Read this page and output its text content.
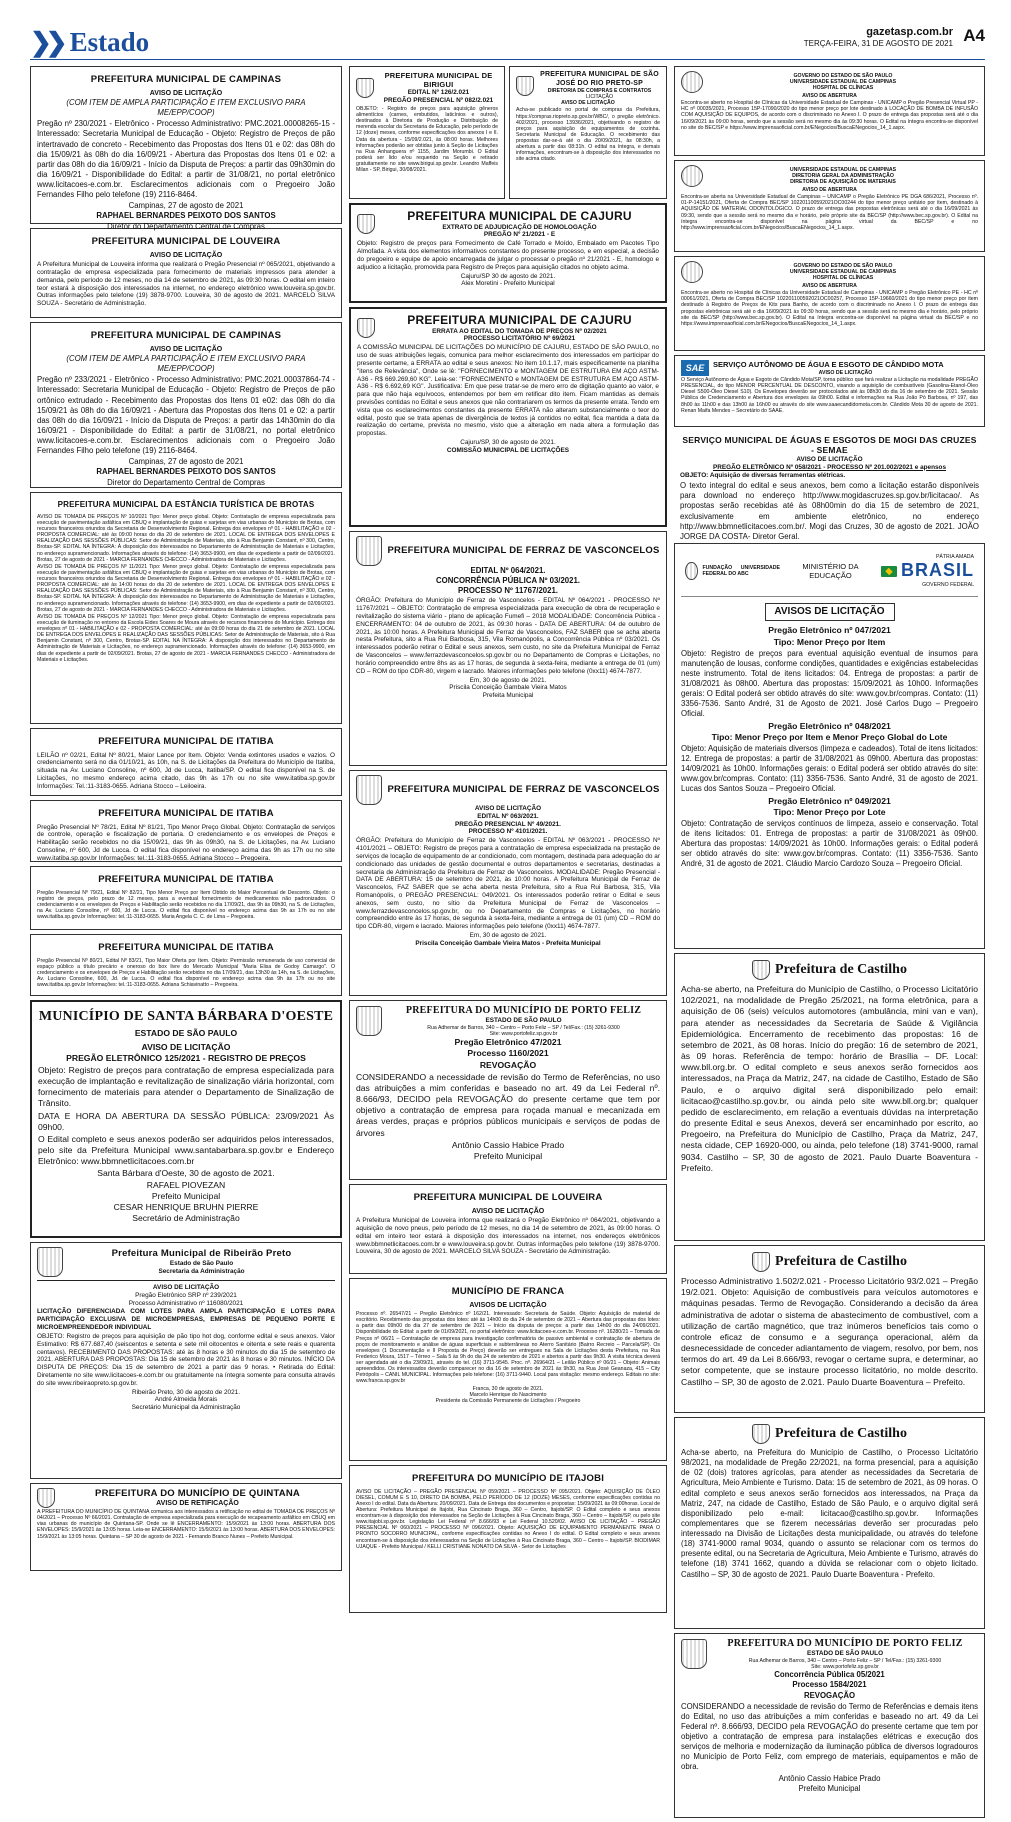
❯❯ Estado	gazetasp.com.br
TERÇA-FEIRA, 31 DE AGOSTO DE 2021 A4
PREFEITURA MUNICIPAL DE CAMPINAS
AVISO DE LICITAÇÃO
(COM ITEM DE AMPLA PARTICIPAÇÃO E ITEM EXCLUSIVO PARA ME/EPP/COOP)
Pregão nº 230/2021 - Eletrônico - Processo Administrativo: PMC.2021.00008265-15 - Interessado: Secretaria Municipal de Educação - Objeto: Registro de Preços de pão intertravado de concreto - Recebimento das Propostas dos Itens 01 e 02: das 08h do dia 15/09/21 às 08h do dia 16/09/21 - Abertura das Propostas dos Itens 01 e 02: a partir das 08h do dia 16/09/21 - Início da Disputa de Preços: a partir das 09h30min do dia 16/09/21 - Disponibilidade do Edital: a partir de 31/08/21, no portal eletrônico www.licitacoes-e.com.br. Esclarecimentos adicionais com o Pregoeiro João Fernandes Filho pelo telefone (19) 2116-8464.
Campinas, 27 de agosto de 2021
RAPHAEL BERNARDES PEIXOTO DOS SANTOS
Diretor do Departamento Central de Compras
PREFEITURA MUNICIPAL DE LOUVEIRA
AVISO DE LICITAÇÃO
A Prefeitura Municipal de Louveira informa que realizará o Pregão Presencial nº 065/2021, objetivando a contratação de empresa especializada para fornecimento de materiais impressos para atender a demanda, pelo período de 12 meses, no dia 14 de setembro de 2021, às 09:30 horas. O edital em inteiro teor estará à disposição dos interessados na internet, no endereço eletrônico www.louveira.sp.gov.br. Outras informações pelo telefone (19) 3878-9700. Louveira, 30 de agosto de 2021. MARCELO SILVA SOUZA - Secretário de Administração.
PREFEITURA MUNICIPAL DE CAMPINAS
AVISO DE LICITAÇÃO
(COM ITEM DE AMPLA PARTICIPAÇÃO E ITEM EXCLUSIVO PARA ME/EPP/COOP)
Pregão nº 233/2021 - Eletrônico - Processo Administrativo: PMC.2021.00037864-74 - Interessado: Secretaria Municipal de Educação - Objeto: Registro de Preços de pão ortônico extrudado - Recebimento das Propostas dos Itens 01 e02: das 08h do dia 15/09/21 às 08h do dia 16/09/21 - Abertura das Propostas dos Itens 01 e 02: a partir das 08h do dia 16/09/21 - Início da Disputa de Preços: a partir das 14h30min do dia 16/09/21 - Disponibilidade do Edital: a partir de 31/08/21, no portal eletrônico www.licitacoes-e.com.br. Esclarecimentos adicionais com o Pregoeiro João Fernandes Filho pelo telefone (19) 2116-8464.
Campinas, 27 de agosto de 2021
RAPHAEL BERNARDES PEIXOTO DOS SANTOS
Diretor do Departamento Central de Compras
PREFEITURA MUNICIPAL DA ESTÂNCIA TURÍSTICA DE BROTAS
AVISO DE TOMADA DE PREÇOS Nº 10/2021 Tipo: Menor preço global. Objeto: Contratação de empresa especializada para execução de pavimentação asfáltica em CBUQ e implantação de guias e sarjetas em vias urbanas do Município de Brotas, com recursos financeiros oriundos da Secretaria de Desenvolvimento Regional. Entrega dos envelopes nº 01 - HABILITAÇÃO e 02 - PROPOSTA COMERCIAL: até às 09:00 horas do dia 20 de setembro de 2021. LOCAL DE ENTREGA DOS ENVELOPES E REALIZAÇÃO DAS SESSÕES PÚBLICAS: Setor de Administração de Materiais, sito à Rua Benjamin Constant, nº 300, Centro, Brotas-SP. EDITAL NA ÍNTEGRA: À disposição dos interessados no Departamento de Administração de Materiais e Licitações, no endereço supramencionado. Informações através do telefone: (14) 3653-9900, em dias de expediente a partir de 02/09/2021. Brotas, 27 de agosto de 2021 - MARCIA FERNANDES CHECCO - Administradora de Materiais e Licitações.
AVISO DE TOMADA DE PREÇOS Nº 11/2021 Tipo: Menor preço global. Objeto: Contratação de empresa especializada para execução de pavimentação asfáltica em CBUQ e implantação de guias e sarjetas em vias urbanas do Município de Brotas, com recursos financeiros oriundos da Secretaria de Desenvolvimento Regional. Entrega dos envelopes nº 01 - HABILITAÇÃO e 02 - PROPOSTA COMERCIAL: até às 14:00 horas do dia 20 de setembro de 2021. LOCAL DE ENTREGA DOS ENVELOPES E REALIZAÇÃO DAS SESSÕES PÚBLICAS: Setor de Administração de Materiais, sito à Rua Benjamin Constant, nº 300, Centro, Brotas-SP. EDITAL NA ÍNTEGRA: À disposição dos interessados no Departamento de Administração de Materiais e Licitações, no endereço supramencionado. Informações através do telefone: (14) 3653-9900, em dias de expediente a partir de 02/09/2021. Brotas, 27 de agosto de 2021 - MARCIA FERNANDES CHECCO - Administradora de Materiais e Licitações.
AVISO DE TOMADA DE PREÇOS Nº 12/2021 Tipo: Menor preço global. Objeto: Contratação de empresa especializada para execução de iluminação no entorno da Escola Eides Soares de Moura através de recursos financeiros do Município. Entrega dos envelopes nº 01 - HABILITAÇÃO e 02 - PROPOSTA COMERCIAL: até às 09:00 horas do dia 21 de setembro de 2021. LOCAL DE ENTREGA DOS ENVELOPES E REALIZAÇÃO DAS SESSÕES PÚBLICAS: Setor de Administração de Materiais, sito à Rua Benjamin Constant, nº 300, Centro, Brotas-SP. EDITAL NA ÍNTEGRA: À disposição dos interessados no Departamento de Administração de Materiais e Licitações, no endereço supramencionado. Informações através do telefone: (14) 3653-9900, em dias de expediente a partir de 02/09/2021. Brotas, 27 de agosto de 2021 - MARCIA FERNANDES CHECCO - Administradora de Materiais e Licitações.
PREFEITURA MUNICIPAL DE ITATIBA
LEILÃO nº 02/21, Edital Nº 80/21, Maior Lance por Item. Objeto: Venda extintores usados e vazios. O credenciamento será no dia 01/10/21, às 10h, na S. de Licitações da Prefeitura do Município de Itatiba, situada na Av. Luciano Consoline, nº 600, Jd de Lucca, Itatiba/SP. O edital fica disponível na S. de Licitações, no mesmo endereço acima citado, das 9h às 17h ou no site www.itatiba.sp.gov.br Informações: Tel.:11-3183-0655. Adriana Stocco – Leiloeira.
PREFEITURA MUNICIPAL DE ITATIBA
Pregão Presencial Nº 78/21, Edital Nº 81/21, Tipo Menor Preço Global. Objeto: Contratação de serviços de controle, operação e fiscalização de portaria. O credenciamento e os envelopes de Preços e Habilitação serão recebidos no dia 15/09/21, das 9h às 09h30, na S. de Licitações, na Av. Luciano Consoline, nº 600, Jd de Lucca. O edital fica disponível no endereço acima das 9h as 17h ou no site www.itatiba.sp.gov.br Informações: tel.:11-3183-0655. Adriana Stocco – Pregoeira.
PREFEITURA MUNICIPAL DE ITATIBA
Pregão Presencial Nº 79/21, Edital Nº 82/21, Tipo Menor Preço por Item Obtido do Maior Percentual de Desconto. Objeto: o registro de preços, pelo prazo de 12 meses, para a eventual fornecimento de medicamentos não padronizados. O credenciamento e os envelopes de Preços e Habilitação serão recebidos no dia 17/09/21, das 9h às 09h30, na S. de Licitações, na Av. Luciano Consoline, nº 600, Jd de Lucca. O edital fica disponível no endereço acima das 9h as 17h ou no site www.itatiba.sp.gov.br Informações: tel.:11-3183-0655. Maria Angela C. C. de Lima – Pregoeira.
PREFEITURA MUNICIPAL DE ITATIBA
Pregão Presencial Nº 80/21, Edital Nº 83/21, Tipo Maior Oferta por Item. Objeto: Permissão remunerada de uso comercial de espaço público a título precário e oneroso do box livre do Mercado Municipal "Maria Elisa de Godoy Camargo". O credenciamento e os envelopes de Preços e Habilitação serão recebidos no dia 17/09/21, das 13h30 às 14h, na S. de Licitações, Av. Luciano Consoline, 600, Jd. de Lucca. O edital fica disponível no endereço acima das 9h às 17h ou no site www.itatiba.sp.gov.br Informações: tel.:11-3183-0655. Adriana Schiavinatto – Pregoeira.
MUNICÍPIO DE SANTA BÁRBARA D'OESTE
ESTADO DE SÃO PAULO
AVISO DE LICITAÇÃO
PREGÃO ELETRÔNICO 125/2021 - REGISTRO DE PREÇOS
Objeto: Registro de preços para contratação de empresa especializada para execução de implantação e revitalização de sinalização viária horizontal, com fornecimento de materiais para atender o Departamento de Sinalização de Trânsito.
DATA E HORA DA ABERTURA DA SESSÃO PÚBLICA: 23/09/2021 Às 09h00.
O Edital completo e seus anexos poderão ser adquiridos pelos interessados, pelo site da Prefeitura Municipal www.santabarbara.sp.gov.br e Endereço Eletrônico: www.bbmnetlicitacoes.com.br
Santa Bárbara d'Oeste, 30 de agosto de 2021.
RAFAEL PIOVEZAN
Prefeito Municipal
CESAR HENRIQUE BRUHN PIERRE
Secretário de Administração
Prefeitura Municipal de Ribeirão Preto
Estado de São Paulo
Secretaria da Administração
AVISO DE LICITAÇÃO
Pregão Eletrônico SRP nº 239/2021
Processo Administrativo nº 116080/2021
LICITAÇÃO DIFERENCIADA COM LOTES PARA AMPLA PARTICIPAÇÃO E LOTES PARA PARTICIPAÇÃO EXCLUSIVA DE MICROEMPRESAS, EMPRESAS DE PEQUENO PORTE E MICROEMPREENDEDOR INDIVIDUAL
OBJETO: Registro de preços para aquisição de pão tipo hot dog, conforme edital e seus anexos. Valor Estimativo: R$ 677.687,40 (seiscentos e setenta e sete mil oitocentos e oitenta e sete reais e quarenta centavos). RECEBIMENTO DAS PROPOSTAS: até às 8 horas e 30 minutos do dia 15 de setembro de 2021. ABERTURA DAS PROPOSTAS: Dia 15 de setembro de 2021 às 8 horas e 30 minutos. INÍCIO DA DISPUTA DE PREÇOS: Dia 15 de setembro de 2021 a partir das 9 horas. • Retirada do Edital: Diretamente no site www.licitacoes-e.com.br ou gratuitamente na íntegra somente para consulta através do site www.ribeiraopreto.sp.gov.br.
Ribeirão Preto, 30 de agosto de 2021.
André Almeida Morais
Secretário Municipal da Administração
PREFEITURA DO MUNICÍPIO DE QUINTANA
AVISO DE RETIFICAÇÃO
A PREFEITURA DO MUNICÍPIO DE QUINTANA comunica aos interessados a retificação no edital de TOMADA DE PREÇOS Nº 04/2021 – Processo Nº 66/2021. Contratação de empresa especializada para execução de recapeamento asfáltico em CBUQ em vias urbanas do município de Quintana-SP. Onde se lê ENCERRAMENTO: 15/9/2021 às 13:00 horas. ABERTURA DOS ENVELOPES: 15/9/2021 às 13:05 horas. Leia-se ENCERRAMENTO: 15/9/2021 às 13:00 horas. ABERTURA DOS ENVELOPES: 15/9/2021 às 13:05 horas. Quintana – SP 30 de agosto de 2021 - Fernando Branco Nunes – Prefeito Municipal.
PREFEITURA MUNICIPAL DE BIRIGUI
EDITAL Nº 126/2.021
PREGÃO PRESENCIAL Nº 082/2.021
OBJETO: - Registro de preços para aquisição gêneros alimentícios (carnes, embutidos, laticínios e outros), destinados à Diretoria de Produção e Distribuição de merenda escolar da Secretaria de Educação, pelo período de 12 (doze) meses, conforme especificações dos anexos I e II. Data da abertura - 15/09/2.021, às 08:00 horas. Melhores informações poderão ser obtidas junto à Seção de Licitações na Rua Anhanguera nº 1155, Jardim Morumbi. O Edital poderá ser lido e/ou requerido na Seção e retirado gratuitamente no site www.birigui.sp.gov.br. Leandro Maffeis Milan - SP, Birigui, 30/08/2021.
PREFEITURA MUNICIPAL DE SÃO JOSÉ DO RIO PRETO-SP
DIRETORIA DE COMPRAS E CONTRATOS
LICITAÇÃO
AVISO DE LICITAÇÃO
Acha-se publicado no portal de compras da Prefeitura, https://compras.riopreto.sp.gov.br/WBC/, o pregão eletrônico. 402/2021, processo 13936/2021, objetivando o registro de preços para aquisição de equipamentos de cozinha. Secretaria Municipal de Educação. O recebimento das propostas dar-se-á até o dia 20/09/2021, às 08:30h, a abertura a partir das 08:31h. O edital na íntegra, e demais informações, encontram-se à disposição dos interessados no site acima citado.
PREFEITURA MUNICIPAL DE CAJURU
EXTRATO DE ADJUDICAÇÃO DE HOMOLOGAÇÃO
PREGÃO Nº 21/2021 - E
Objeto: Registro de preços para Fornecimento de Café Torrado e Moído, Embalado em Pacotes Tipo Almofada. A vista dos elementos informativos constantes do presente processo, e em especial, a decisão do pregoeiro e equipe de apoio encarregada de julgar o processar o pregão nº 21/2021 - E, homologo e adjudico a licitação, promovida para Registro de Preços para aquisição citados no objeto acima.
Cajuru/SP 30 de agosto de 2021.
Alex Moretini - Prefeito Municipal
PREFEITURA MUNICIPAL DE CAJURU
ERRATA AO EDITAL DO TOMADA DE PREÇOS Nº 02/2021
PROCESSO LICITATÓRIO Nº 69/2021
A COMISSÃO MUNICIPAL DE LICITAÇÕES DO MUNICÍPIO DE CAJURU, ESTADO DE SÃO PAULO, no uso de suas atribuições legais, comunica para melhor esclarecimento dos interessados em participar do presente certame, a ERRATA ao edital e seus anexos: No item 10.1.17, mais especificamente na planilha "itens de Relevância", Onde se lê: "FORNECIMENTO e MONTAGEM DE ESTRUTURA EM AÇO ASTM-A36 - R$ 669.269,60 KG". Leia-se: "FORNECIMENTO e MONTAGEM DE ESTRUTURA EM AÇO ASTM-A36 - R$ 6.692,69 KG". Justificativa: Em que pese tratar-se de mero erro de digitação quanto ao valor, e para que não haja equívocos, entendemos por bem em retificar dito item. Ficam mantidas as demais previsões contidas no Edital e seus anexos que não contrariarem os termos da presente errata. Tendo em vista que os esclarecimentos constantes da presente ERRATA não alteram substancialmente o teor do edital, posto que se trata apenas de divergência de textos já contidos no edital, fica mantida a data da realização do certame, prevista no mesmo, visto que a alteração em nada altera a formulação das propostas.
Cajuru/SP, 30 de agosto de 2021.
COMISSÃO MUNICIPAL DE LICITAÇÕES
PREFEITURA MUNICIPAL DE FERRAZ DE VASCONCELOS
EDITAL Nº 064/2021.
CONCORRÊNCIA PÚBLICA Nº 03/2021.
PROCESSO Nº 11767/2021.
ÓRGÃO: Prefeitura do Município de Ferraz de Vasconcelos - EDITAL Nº 064/2021 - PROCESSO Nº 11767/2021 – OBJETO: Contratação de empresa especializada para execução de obra de recuperação e revitalização do sistema viário - plano de aplicação Fumefi – 2018 MODALIDADE: Concorrência Pública - ENCERRAMENTO: 04 de outubro de 2021, às 09:30 horas - DATA DE ABERTURA: 04 de outubro de 2021, às 10:00 horas. A Prefeitura Municipal de Ferraz de Vasconcelos, FAZ SABER que se acha aberta nesta Prefeitura, sito a Rua Rui Barbosa, 315, Vila Romanópolis, a Concorrência Pública nº 03/2021. Os interessados poderão retirar o Edital e seus anexos, sem custo, no site da Prefeitura Municipal de Ferraz de Vasconcelos – www.ferrazdevasconcelos.sp.gov.br ou no Departamento de Compras e Licitações, no horário compreendido entre 8hs as as 17 horas, de segunda à sexta-feira, mediante a entrega de 01 (um) CD – ROM do tipo CDR-80, virgem e lacrado. Maiores informações pelo telefone (0xx11) 4674-7877.
Em, 30 de agosto de 2021.
Priscila Conceição Gambale Vieira Matos
Prefeita Municipal
PREFEITURA MUNICIPAL DE FERRAZ DE VASCONCELOS
AVISO DE LICITAÇÃO
EDITAL Nº 063/2021.
PREGÃO PRESENCIAL Nº 49/2021.
PROCESSO Nº 4101/2021.
ÓRGÃO: Prefeitura do Município de Ferraz de Vasconcelos - EDITAL Nº 063/2021 - PROCESSO Nº 4101/2021 – OBJETO: Registro de preços para a contratação de empresa especializada na prestação de serviços de locação de equipamento de ar condicionado, com montagem, destinada para adequação do ar condicionado das unidades de gestão documental e outros departamentos e secretarias, destinadas a secretaria de Administração da Prefeitura de Ferraz de Vasconcelos. MODALIDADE: Pregão Presencial - DATA DE ABERTURA: 15 de setembro de 2021, às 10:00 horas. A Prefeitura Municipal de Ferraz de Vasconcelos, FAZ SABER que se acha aberta nesta Prefeitura, sito a Rua Rui Barbosa, 315, Vila Romanópolis, o PREGÃO PRESENCIAL: 049/2021. Os interessados poderão retirar o Edital e seus anexos, sem custo, no sítio da Prefeitura Municipal de Ferraz de Vasconcelos – www.ferrazdevasconcelos.sp.gov.br, ou no Departamento de Compras e Licitações, no horário compreendido entre às 17 horas, de segunda à sexta-feira, mediante a entrega de 01 (um) CD – ROM do tipo CDR-80, virgem e lacrado. Maiores informações pelo telefone (0xx11) 4674-7877.
Em, 30 de agosto de 2021.
Priscila Conceição Gambale Vieira Matos - Prefeita Municipal
PREFEITURA DO MUNICÍPIO DE PORTO FELIZ
ESTADO DE SÃO PAULO
Rua Adhemar de Barros, 340 – Centro – Porto Feliz – SP / Tel/Fax.: (15) 3261-9300
Site: www.portofeliz.sp.gov.br
Pregão Eletrônico 47/2021
Processo 1160/2021
REVOGAÇÃO
CONSIDERANDO a necessidade de revisão do Termo de Referências, no uso das atribuições a mim conferidas e baseado no art. 49 da Lei Federal nº. 8.666/93, DECIDO pela REVOGAÇÃO do presente certame que tem por objetivo a contratação de empresa para roçada manual e mecanizada em áreas verdes, praças e próprios públicos municipais e serviços de podas de árvores
Antônio Cassio Habice Prado
Prefeito Municipal
PREFEITURA MUNICIPAL DE LOUVEIRA
AVISO DE LICITAÇÃO
A Prefeitura Municipal de Louveira informa que realizará o Pregão Eletrônico nº 064/2021, objetivando a aquisição de novo pneus, pelo período de 12 meses, no dia 14 de setembro de 2021, às 09:00 horas. O edital em inteiro teor estará à disposição dos interessados na internet, nos endereços eletrônicos www.bbmnetlicitacoes.com.br e www.louveira.sp.gov.br. Outras informações pelo telefone (19) 3878-9700. Louveira, 30 de agosto de 2021. MARCELO SILVA SOUZA - Secretário de Administração.
MUNICÍPIO DE FRANCA
AVISOS DE LICITAÇÃO
Processo nº. 26547/21 – Pregão Eletrônico nº 162/21. Interessado: Secretaria de Saúde. Objeto: Aquisição de material de escritório. Recebimento das propostas dos lotes: até às 14h00 do dia 24 de setembro de 2021 – Abertura das propostas dos lotes: a partir das 09h00 do dia 27 de setembro de 2021 – Início da disputa de preços: a partir das 14h00 do dia 24/09/2021. Disponibilidade do Edital: a partir de 01/09/2021, no portal eletrônico: www.licitacoes-e.com.br. Processo nº. 16280/21 – Tomada de Preços nº 06/21 – Contratação de empresa para investigação confirmatória de passivo ambiental e contratação de abertura de poços de monitoramento e análise de águas superficiais e subterrâneas no Aterro Sanitário (Bairro Recreio – Parcela/SP). Os envelopes (1 Documentação e II Proposta de Preço) deverão ser entregues na Sala de Licitações desta Prefeitura, na Rua Frederico Moura, 1517 – Térreo – Sala 5 às 9h do dia 24 de setembro de 2021 e abertos a partir das 9h30. A visita técnica deverá ser agendada até o dia 23/09/21, através do tel. (16) 3711-9545. Proc. nº. 26964/21 – Leilão Público nº 06/21 – Objeto: Animais apreendidos. Os interessados deverão comparecer no dia 16 de setembro de 2021 às 9h30, na Rua José Geanaza, 415 – City Petrópolis – CANIL MUNICIPAL. Informações pelo telefone: (16) 3711-9440. Local para visitação: mesmo endereço. Editais no site: www.franca.sp.gov.br
Franca, 30 de agosto de 2021.
Marcelo Henrique do Nascimento
Presidente da Comissão Permanente de Licitações / Pregoeiro
PREFEITURA DO MUNICÍPIO DE ITAJOBI
AVISO DE LICITAÇÃO – PREGÃO PRESENCIAL Nº 059/2021 – PROCESSO Nº 095/2021. Objeto: AQUISIÇÃO DE ÓLEO DIESEL, COMUM E S 10, DIRETO DA BOMBA, PELO PERÍODO DE 12 (DOZE) MESES, conforme especificações contidas no Anexo I do edital. Data da Abertura: 20/09/2021. Data de Entrega dos documentos e propostas: 15/09/2021 às 09:00horas. Local de Abertura: Prefeitura Municipal de Itajobi, Rua Cincinato Braga, 360 – Centro, Itajobi/SP. O Edital completo e seus anexos encontram-se à disposição dos interessados na Seção de Licitações à Rua Cincinato Braga, 360 – Centro – Itajobi/SP, ou pelo site www.itajobi.sp.gov.br. Legislação Lei Federal nº 8.666/93 e Lei Federal 10.520/02. AVISO DE LICITAÇÃO – PREGÃO PRESENCIAL Nº 060/2021 – PROCESSO Nº 096/2021. Objeto: AQUISIÇÃO DE EQUIPAMENTO PERMANENTE PARA O PRONTO SOCORRO MUNICIPAL, conforme especificações contidas no Anexo I do edital. O Edital completo e seus anexos encontram-se à disposição dos interessados na Seção de Licitações à Rua Cincinato Braga, 360 – Centro – Itajobi/SP. BIODIMAR UJAQUE - Prefeito Municipal / KELLI CRISTIANE NONATO DA SILVA - Setor de Licitações
GOVERNO DO ESTADO DE SÃO PAULO
UNIVERSIDADE ESTADUAL DE CAMPINAS
HOSPITAL DE CLÍNICAS
AVISO DE ABERTURA
Encontra-se aberto no Hospital de Clínicas da Universidade Estadual de Campinas - UNICAMP o Pregão Presencial Virtual PP - HC nº 00035/2021, Processo 15P-17090/2020 do tipo menor preço por lote destinado à LOCAÇÃO DE BOMBA DE INFUSÃO COM AQUISIÇÃO DE EQUIPOS, de acordo com o discriminado no Anexo I. O prazo de entrega das propostas será até o dia 16/09/2021 às 09:00 horas, sendo que a sessão será no mesmo dia às 09:30 horas. O Edital na íntegra encontra-se disponível no site do BEC/SP e https://www.imprensaoficial.com.br/ENegocios/BuscaENegocios_14_1.aspx.
UNIVERSIDADE ESTADUAL DE CAMPINAS
DIRETORIA GERAL DA ADMINISTRAÇÃO
DIRETORIA DE AQUISIÇÃO DE MATERIAIS
AVISO DE ABERTURA
Encontra-se aberta na Universidade Estadual de Campinas – UNICAMP o Pregão Eletrônico PE DGA 686/2021, Processo nº. 01-P-14151/2021, Oferta de Compra BEC/SP 102201100592021OC00244 do tipo menor preço unitário por item, destinado à AQUISIÇÃO DE MATERIAL ODONTOLÓGICO. O prazo de entrega das propostas eletrônicas será até o dia 16/09/2021 às 09:30, sendo que a sessão será no mesmo dia e horário, pelo próprio site da BEC/SP (http://www.bec.sp.gov.br). O Edital na íntegra encontra-se disponível na página virtual da BEC/SP e no http://www.imprensaoficial.com.br/ENegocios/BuscaENegocios_14_1.aspx.
GOVERNO DO ESTADO DE SÃO PAULO
UNIVERSIDADE ESTADUAL DE CAMPINAS
HOSPITAL DE CLÍNICAS
AVISO DE ABERTURA
Encontra-se aberto no Hospital de Clínicas da Universidade Estadual de Campinas - UNICAMP o Pregão Eletrônico PE - HC nº 00061/2021, Oferta de Compra BEC/SP 102201100592021OC00257, Processo 15P-19660/2021 do tipo menor preço por item destinado à Registro de Preços de Kits para Banho, de acordo com o discriminado no Anexo I. O prazo de entrega das propostas eletrônicas será até o dia 16/09/2021 às 09:30 horas, sendo que a sessão será no mesmo dia e horário, pelo próprio site da BEC/SP (http://www.bec.sp.gov.br). O Edital na íntegra encontra-se disponível na página virtual da BEC/SP e no https://www.imprensaoficial.com.br/ENegocios/BuscaENegocios_14_1.aspx.
SAE	SERVIÇO AUTÔNOMO DE ÁGUA E ESGOTO DE CÂNDIDO MOTA
AVISO DE LICITAÇÃO
O Serviço Autônomo de Água e Esgoto de Cândido Mota/SP, torna público que fará realizar a Licitação na modalidade PREGÃO PRESENCIAL, do tipo MENOR PERCENTUAL DE DESCONTO, visando a aquisição de combustíveis (Gasolina-Etanol-Óleo Diesel S500-Óleo Diesel S10). Os Envelopes deverão ser protocolados até às 08h30 do dia 16 de setembro de 2021. Sessão Pública de Credenciamento e Abertura dos envelopes às 09h00. Edital e informações na Rua João Pó Barbosa, nº 197, das 8h00 às 11h00 e das 13h00 às 16h00 ou através do site www.saaecandidomota.com.br. Cândido Mota 30 de agosto de 2021. Renan Maifa Mendes – Secretário do SAAE.
SERVIÇO MUNICIPAL DE ÁGUAS E ESGOTOS DE MOGI DAS CRUZES - SEMAE
AVISO DE LICITAÇÃO
PREGÃO ELETRÔNICO Nº 058/2021 - PROCESSO Nº 201.002/2021 e apensos
OBJETO: Aquisição de diversas ferramentas elétricas.
O texto integral do edital e seus anexos, bem como a licitação estarão disponíveis para download no endereço http://www.mogidascruzes.sp.gov.br/licitacao/. As propostas serão recebidas até às 08h00min do dia 15 de setembro de 2021, exclusivamente em ambiente eletrônico, no endereço http://www.bbmnetlicitacoes.com.br/. Mogi das Cruzes, 30 de agosto de 2021. JOÃO JORGE DA COSTA- Diretor Geral.
FUNDAÇÃO UNIVERSIDADE FEDERAL DO ABC
MINISTÉRIO DA EDUCAÇÃO
PÁTRIA AMADA
BRASIL
GOVERNO FEDERAL
AVISOS DE LICITAÇÃO
Pregão Eletrônico nº 047/2021
Tipo: Menor Preço por Item
Objeto: Registro de preços para eventual aquisição eventual de insumos para manutenção de lousas, conforme condições, quantidades e exigências estabelecidas neste instrumento. Total de itens licitados: 04. Entrega de propostas: a partir de 31/08/2021 às 08h00. Abertura das propostas: 15/09/2021 às 10h00. Informações gerais: O Edital poderá ser obtido através do site: www.gov.br/compras. Contato: (11) 3356-7536. Santo André, 31 de Agosto de 2021. José Carlos Dugo – Pregoeiro Oficial.
Pregão Eletrônico nº 048/2021
Tipo: Menor Preço por Item e Menor Preço Global do Lote
Objeto: Aquisição de materiais diversos (limpeza e cadeados). Total de itens licitados: 12. Entrega de propostas: a partir de 31/08/2021 às 09h00. Abertura das propostas: 14/09/2021 às 10h00. Informações gerais: o Edital poderá ser obtido através do site: www.gov.br/compras. Contato: (11) 3356-7536. Santo André, 31 de agosto de 2021. Lucas dos Santos Souza – Pregoeiro Oficial.
Pregão Eletrônico nº 049/2021
Tipo: Menor Preço por Lote
Objeto: Contratação de serviços contínuos de limpeza, asseio e conservação. Total de itens licitados: 01. Entrega de propostas: a partir de 31/08/2021 às 09h00. Abertura das propostas: 14/09/2021 às 10h00. Informações gerais: o Edital poderá ser obtido através do site: www.gov.br/compras. Contato: (11) 3356-7536. Santo André, 31 de agosto de 2021. Cláudio Marcio Cardozo Souza – Pregoeiro Oficial.
Prefeitura de Castilho
Acha-se aberto, na Prefeitura do Município de Castilho, o Processo Licitatório 102/2021, na modalidade de Pregão 25/2021, na forma eletrônica, para a aquisição de 06 (seis) veículos automotores (ambulância, mini van e van), para atender as necessidades da Secretaria de Saúde & Vigilância Epidemiológica. Encerramento de recebimento das propostas: 16 de setembro de 2021, às 08 horas. Início do pregão: 16 de setembro de 2021, às 09 horas. Referência de tempo: horário de Brasília – DF. Local: www.bll.org.br. O edital completo e seus anexos serão fornecidos aos interessados, na Praça da Matriz, 247, na cidade de Castilho, Estado de São Paulo, e o arquivo digital será disponibilizado pelo email: licitacao@castilho.sp.gov.br, ou ainda pelo site www.bll.org.br; qualquer pedido de esclarecimento, em relação a eventuais dúvidas na interpretação do presente Edital e seus Anexos, deverá ser encaminhado por escrito, ao Pregoeiro, na Prefeitura do Município de Castilho, Praça da Matriz, 247, nesta cidade, CEP 16920-000, ou ainda, pelo telefone (18) 3741-9000, ramal 9034. Castilho – SP, 30 de agosto de 2021. Paulo Duarte Boaventura - Prefeito.
Prefeitura de Castilho
Processo Administrativo 1.502/2.021 - Processo Licitatório 93/2.021 – Pregão 19/2.021. Objeto: Aquisição de combustíveis para veículos automotores e máquinas pesadas. Termo de Revogação. Considerando a decisão da área administrativa de adotar o sistema de abastecimento de combustível, com a utilização de cartão magnético, que traz inúmeros benefícios tais como o controle eficaz de consumo e a segurança operacional, além da desnecessidade de conceder adiantamento de viagem, resolvo, por bem, nos termos do art. 49 da Lei 8.666/93, revogar o certame supra, e determinar, ao setor competente, que se instaure processo licitatório, no molde descrito. Castilho – SP, 30 de agosto de 2.021. Paulo Duarte Boaventura – Prefeito.
Prefeitura de Castilho
Acha-se aberto, na Prefeitura do Município de Castilho, o Processo Licitatório 98/2021, na modalidade de Pregão 22/2021, na forma presencial, para a aquisição de 02 (dois) tratores agrícolas, para atender as necessidades da Secretaria de Agricultura, Meio Ambiente e Turismo. Data: 15 de setembro de 2021, às 09 horas. O edital completo e seus anexos serão fornecidos aos interessados, na Praça da Matriz, 247, na cidade de Castilho, Estado de São Paulo, e o arquivo digital será disponibilizado pelo e-mail: licitacao@castilho.sp.gov.br. Informações complementares que se fizerem necessárias deverão ser procuradas pelo interessado na Divisão de Licitações desta municipalidade, ou através do telefone (18) 3741-9000 ramal 9034, quando o assunto se relacionar com os termos do presente edital, ou na Secretaria de Agricultura, Meio Ambiente e Turismo, através do telefone (18) 3741 1662, quando a dúvida se relacionar com o objeto licitado. Castilho – SP, 30 de agosto de 2021. Paulo Duarte Boaventura - Prefeito.
PREFEITURA DO MUNICÍPIO DE PORTO FELIZ
ESTADO DE SÃO PAULO
Rua Adhemar de Barros, 340 – Centro – Porto Feliz – SP / Tel/Fax.: (15) 3261-9300
Site: www.portofeliz.sp.gov.br
Concorrência Pública 05/2021
Processo 1584/2021
REVOGAÇÃO
CONSIDERANDO a necessidade de revisão do Termo de Referências e demais itens do Edital, no uso das atribuições a mim conferidas e baseado no art. 49 da Lei Federal nº. 8.666/93, DECIDO pela REVOGAÇÃO do presente certame que tem por objetivo a contratação de empresa para instalações elétricas e execução dos serviços de melhoria e modernização da iluminação pública de diversos logradouros no Município de Porto Feliz, com emprego de materiais, equipamentos e mão de obra.
Antônio Cassio Habice Prado
Prefeito Municipal
